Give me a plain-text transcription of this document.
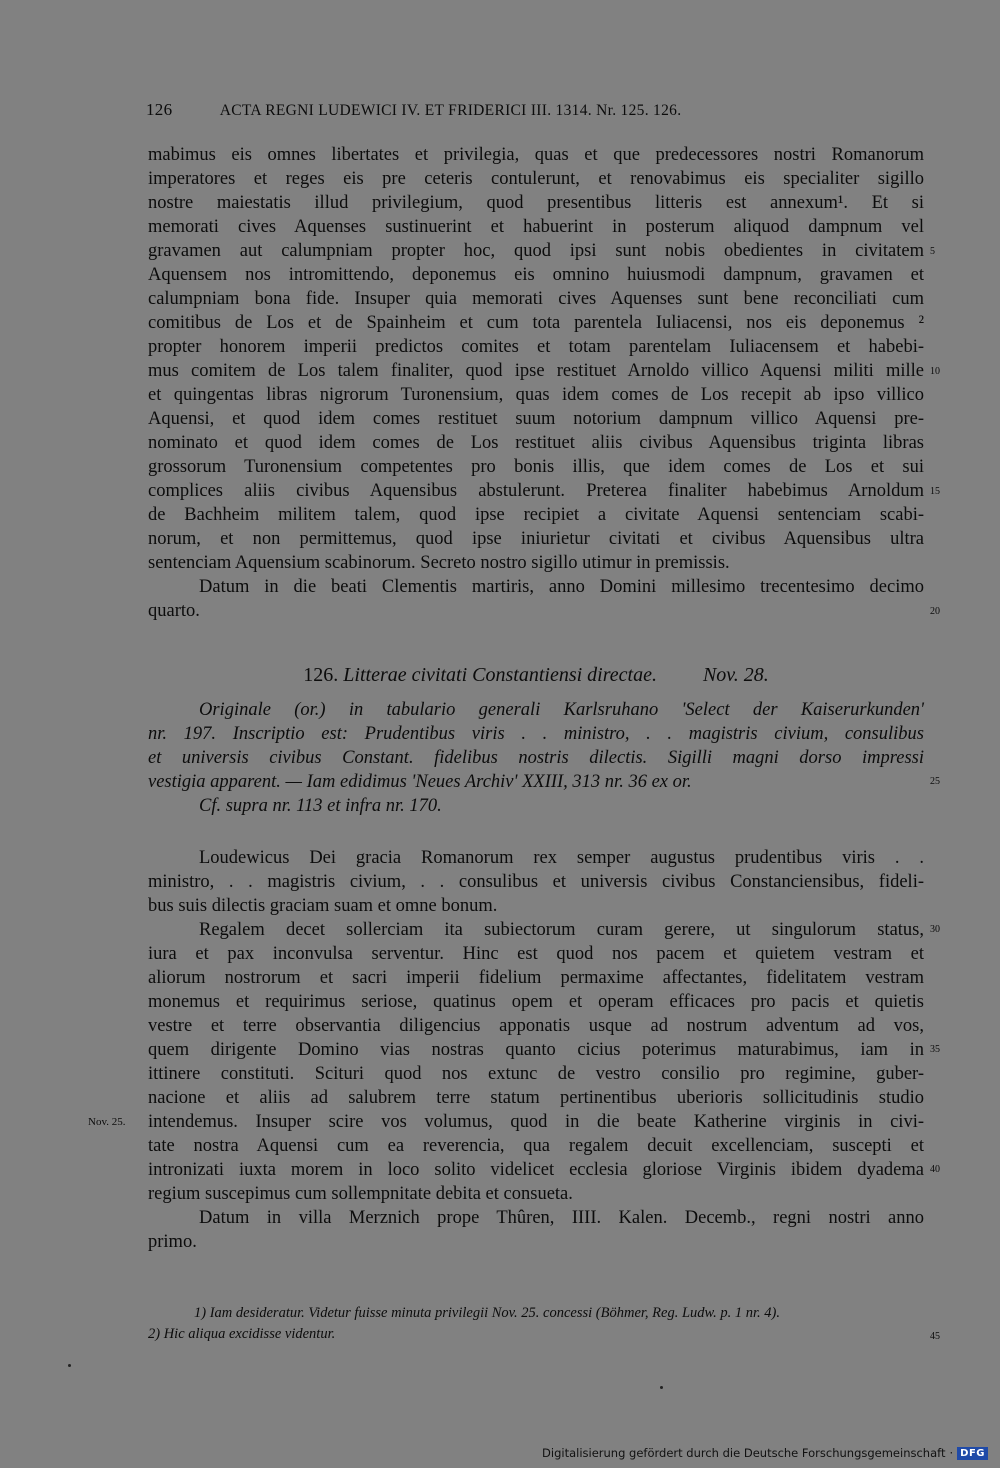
126	ACTA REGNI LUDEWICI IV. ET FRIDERICI III. 1314. Nr. 125. 126.
mabimus eis omnes libertates et privilegia, quas et que predecessores nostri Romanorum
imperatores et reges eis pre ceteris contulerunt, et renovabimus eis specialiter sigillo
nostre maiestatis illud privilegium, quod presentibus litteris est annexum¹. Et si
memorati cives Aquenses sustinuerint et habuerint in posterum aliquod dampnum vel
gravamen aut calumpniam propter hoc, quod ipsi sunt nobis obedientes in civitatem
Aquensem nos intromittendo, deponemus eis omnino huiusmodi dampnum, gravamen et
calumpniam bona fide. Insuper quia memorati cives Aquenses sunt bene reconciliati cum
comitibus de Los et de Spainheim et cum tota parentela Iuliacensi, nos eis deponemus ²
propter honorem imperii predictos comites et totam parentelam Iuliacensem et habebi-
mus comitem de Los talem finaliter, quod ipse restituet Arnoldo villico Aquensi militi mille
et quingentas libras nigrorum Turonensium, quas idem comes de Los recepit ab ipso villico
Aquensi, et quod idem comes restituet suum notorium dampnum villico Aquensi pre-
nominato et quod idem comes de Los restituet aliis civibus Aquensibus triginta libras
grossorum Turonensium competentes pro bonis illis, que idem comes de Los et sui
complices aliis civibus Aquensibus abstulerunt. Preterea finaliter habebimus Arnoldum
de Bachheim militem talem, quod ipse recipiet a civitate Aquensi sentenciam scabi-
norum, et non permittemus, quod ipse iniurietur civitati et civibus Aquensibus ultra
sentenciam Aquensium scabinorum. Secreto nostro sigillo utimur in premissis.
Datum in die beati Clementis martiris, anno Domini millesimo trecentesimo decimo
quarto.
5
10
15
20
126. Litterae civitati Constantiensi directae. Nov. 28.
Originale (or.) in tabulario generali Karlsruhano 'Select der Kaiserurkunden'
nr. 197. Inscriptio est: Prudentibus viris . . ministro, . . magistris civium, consulibus
et universis civibus Constant. fidelibus nostris dilectis. Sigilli magni dorso impressi
vestigia apparent. — Iam edidimus 'Neues Archiv' XXIII, 313 nr. 36 ex or.
Cf. supra nr. 113 et infra nr. 170.
25
Loudewicus Dei gracia Romanorum rex semper augustus prudentibus viris . .
ministro, . . magistris civium, . . consulibus et universis civibus Constanciensibus, fideli-
bus suis dilectis graciam suam et omne bonum.
Regalem decet sollerciam ita subiectorum curam gerere, ut singulorum status,
iura et pax inconvulsa serventur. Hinc est quod nos pacem et quietem vestram et
aliorum nostrorum et sacri imperii fidelium permaxime affectantes, fidelitatem vestram
monemus et requirimus seriose, quatinus opem et operam efficaces pro pacis et quietis
vestre et terre observantia diligencius apponatis usque ad nostrum adventum ad vos,
quem dirigente Domino vias nostras quanto cicius poterimus maturabimus, iam in
ittinere constituti. Scituri quod nos extunc de vestro consilio pro regimine, guber-
nacione et aliis ad salubrem terre statum pertinentibus uberioris sollicitudinis studio
intendemus. Insuper scire vos volumus, quod in die beate Katherine virginis in civi-
tate nostra Aquensi cum ea reverencia, qua regalem decuit excellenciam, suscepti et
intronizati iuxta morem in loco solito videlicet ecclesia gloriose Virginis ibidem dyadema
regium suscepimus cum sollempnitate debita et consueta.
Datum in villa Merznich prope Thûren, IIII. Kalen. Decemb., regni nostri anno
primo.
30
35
40
Nov. 25.
1) Iam desideratur. Videtur fuisse minuta privilegii Nov. 25. concessi (Böhmer, Reg. Ludw. p. 1 nr. 4).
2) Hic aliqua excidisse videntur.	45
Digitalisierung gefördert durch die Deutsche Forschungsgemeinschaft · DFG
